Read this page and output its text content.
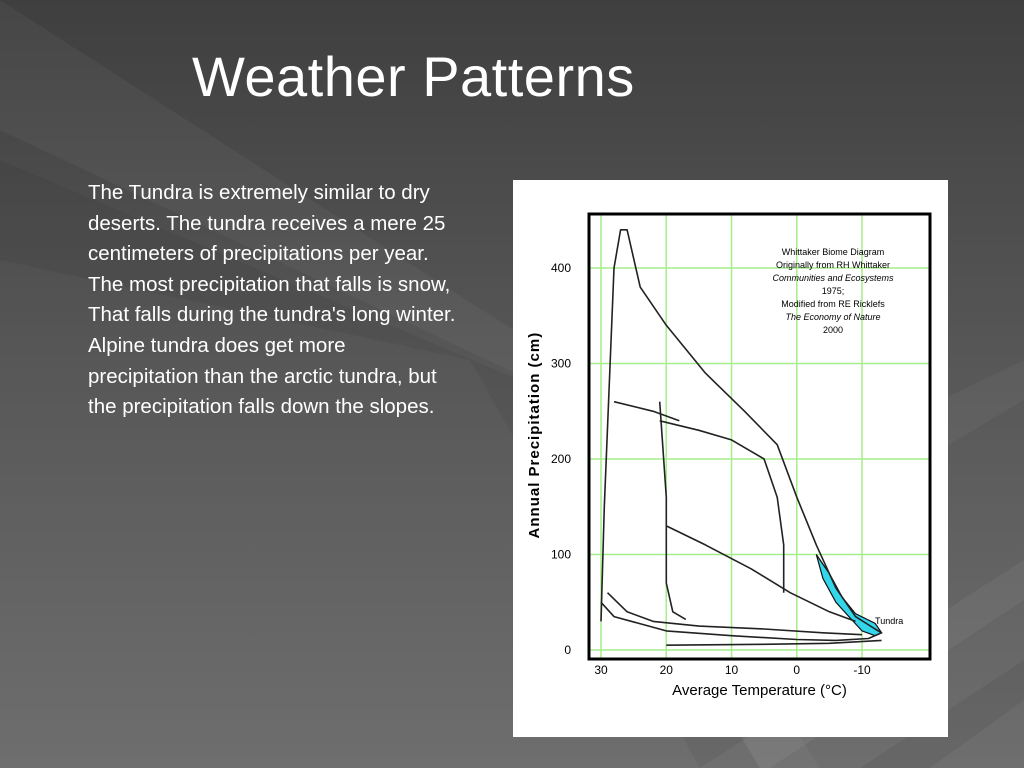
Weather Patterns
The Tundra is extremely similar to dry deserts. The tundra receives a mere 25 centimeters of precipitations per year. The most precipitation that falls is snow, That falls during the tundra's long winter. Alpine tundra does get more precipitation than the arctic tundra, but the precipitation falls down the slopes.
30	20	10	0	-10
0
100
200
300
400
Tundra
Average Temperature (°C)
Annual Precipitation (cm)
Whittaker Biome Diagram
Originally from RH Whittaker
Communities and Ecosystems
1975;
Modified from RE Ricklefs
The Economy of Nature
2000
